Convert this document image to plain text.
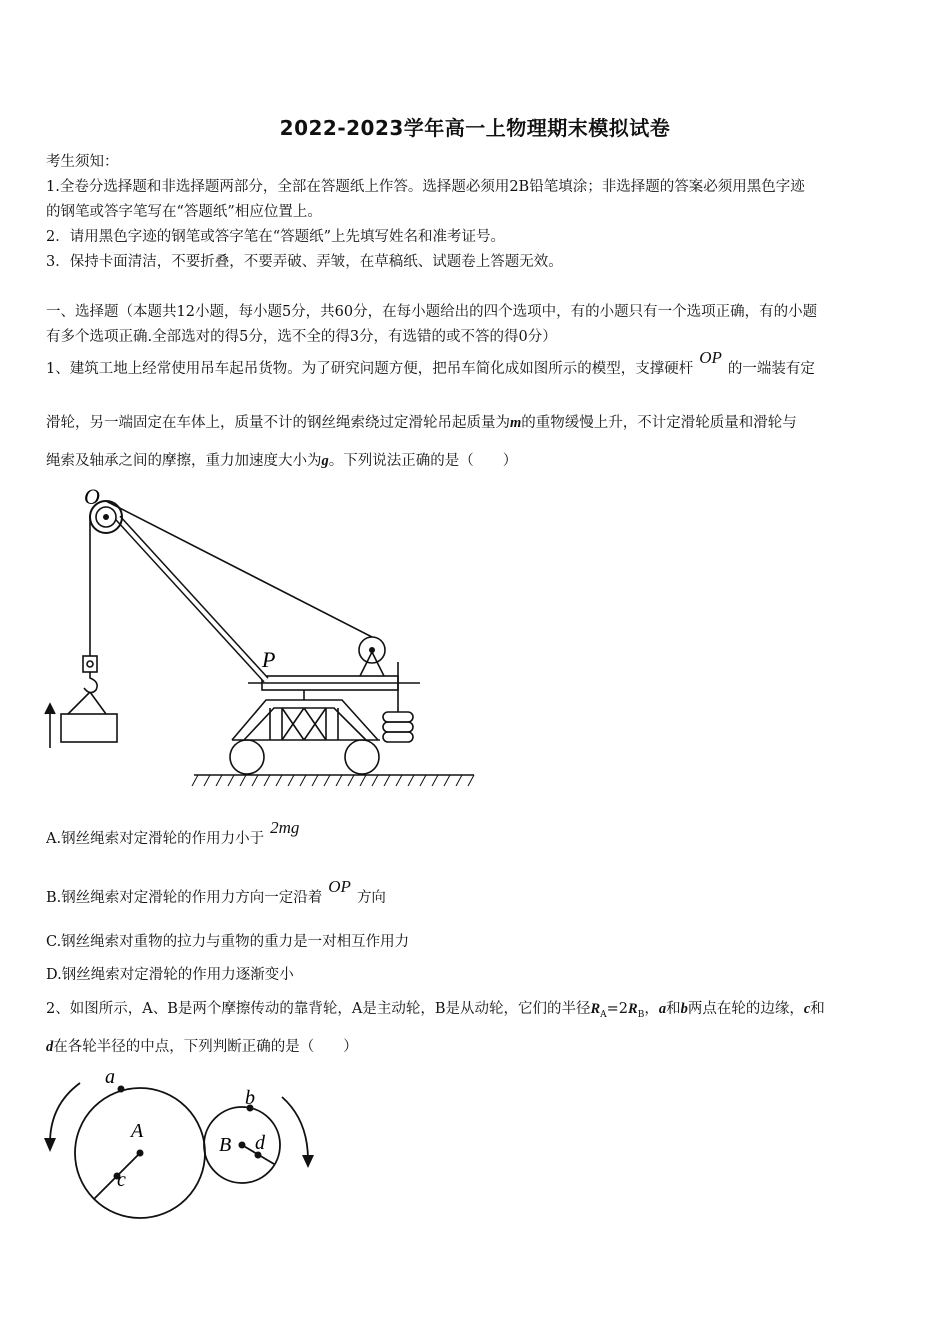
2022-2023学年高一上物理期末模拟试卷
考生须知：
1.全卷分选择题和非选择题两部分，全部在答题纸上作答。选择题必须用2B铅笔填涂；非选择题的答案必须用黑色字迹
的钢笔或答字笔写在“答题纸”相应位置上。
2．请用黑色字迹的钢笔或答字笔在“答题纸”上先填写姓名和准考证号。
3．保持卡面清洁，不要折叠，不要弄破、弄皱，在草稿纸、试题卷上答题无效。
一、选择题（本题共12小题，每小题5分，共60分，在每小题给出的四个选项中，有的小题只有一个选项正确，有的小题
有多个选项正确.全部选对的得5分，选不全的得3分，有选错的或不答的得0分）
1、建筑工地上经常使用吊车起吊货物。为了研究问题方便，把吊车简化成如图所示的模型，支撑硬杆OP的一端装有定
滑轮，另一端固定在车体上，质量不计的钢丝绳索绕过定滑轮吊起质量为m的重物缓慢上升，不计定滑轮质量和滑轮与
绳索及轴承之间的摩擦，重力加速度大小为g。下列说法正确的是（　　）
O
P
A.钢丝绳索对定滑轮的作用力小于2mg
B.钢丝绳索对定滑轮的作用力方向一定沿着OP方向
C.钢丝绳索对重物的拉力与重物的重力是一对相互作用力
D.钢丝绳索对定滑轮的作用力逐渐变小
2、如图所示，A、B是两个摩擦传动的靠背轮，A是主动轮，B是从动轮，它们的半径$R_A=2R_B$，a和b两点在轮的边缘，c和
d在各轮半径的中点，下列判断正确的是（　　）
a
A
c
b
B d
